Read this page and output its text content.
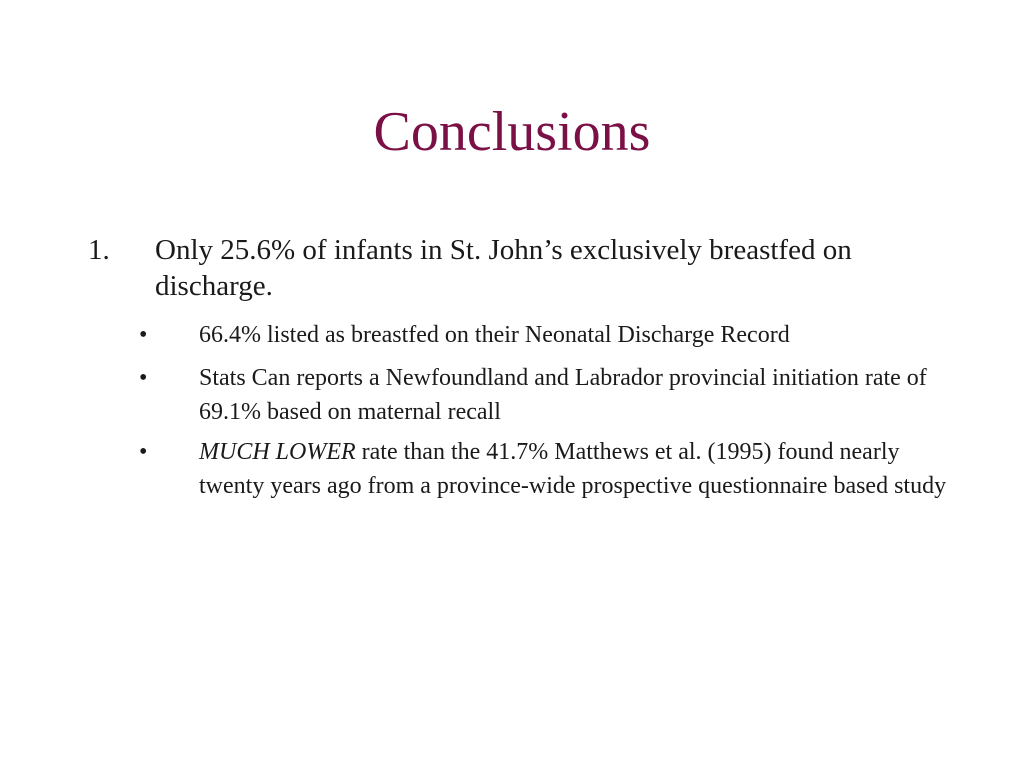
Conclusions
1. Only 25.6% of infants in St. John’s exclusively breastfed on discharge.
• 66.4% listed as breastfed on their Neonatal Discharge Record
• Stats Can reports a Newfoundland and Labrador provincial initiation rate of 69.1% based on maternal recall
• MUCH LOWER rate than the 41.7% Matthews et al. (1995) found nearly twenty years ago from a province-wide prospective questionnaire based study
